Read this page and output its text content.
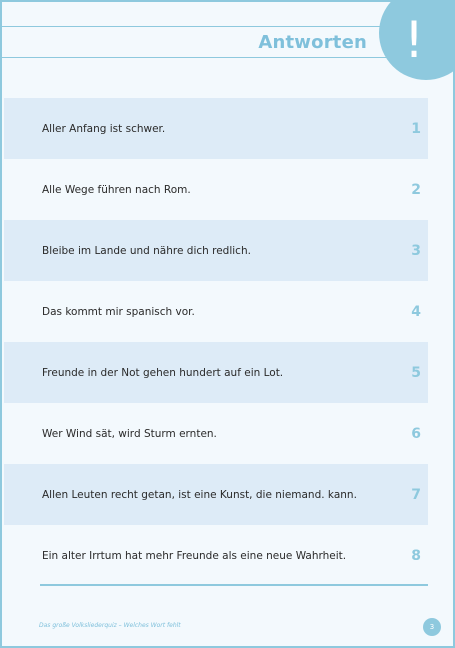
Antworten !
Aller Anfang ist schwer.	1
Alle Wege führen nach Rom.	2
Bleibe im Lande und nähre dich redlich.	3
Das kommt mir spanisch vor.	4
Freunde in der Not gehen hundert auf ein Lot.	5
Wer Wind sät, wird Sturm ernten.	6
Allen Leuten recht getan, ist eine Kunst, die niemand. kann.	7
Ein alter Irrtum hat mehr Freunde als eine neue Wahrheit.	8
Das große Volksliederquiz – Welches Wort fehlt	3
